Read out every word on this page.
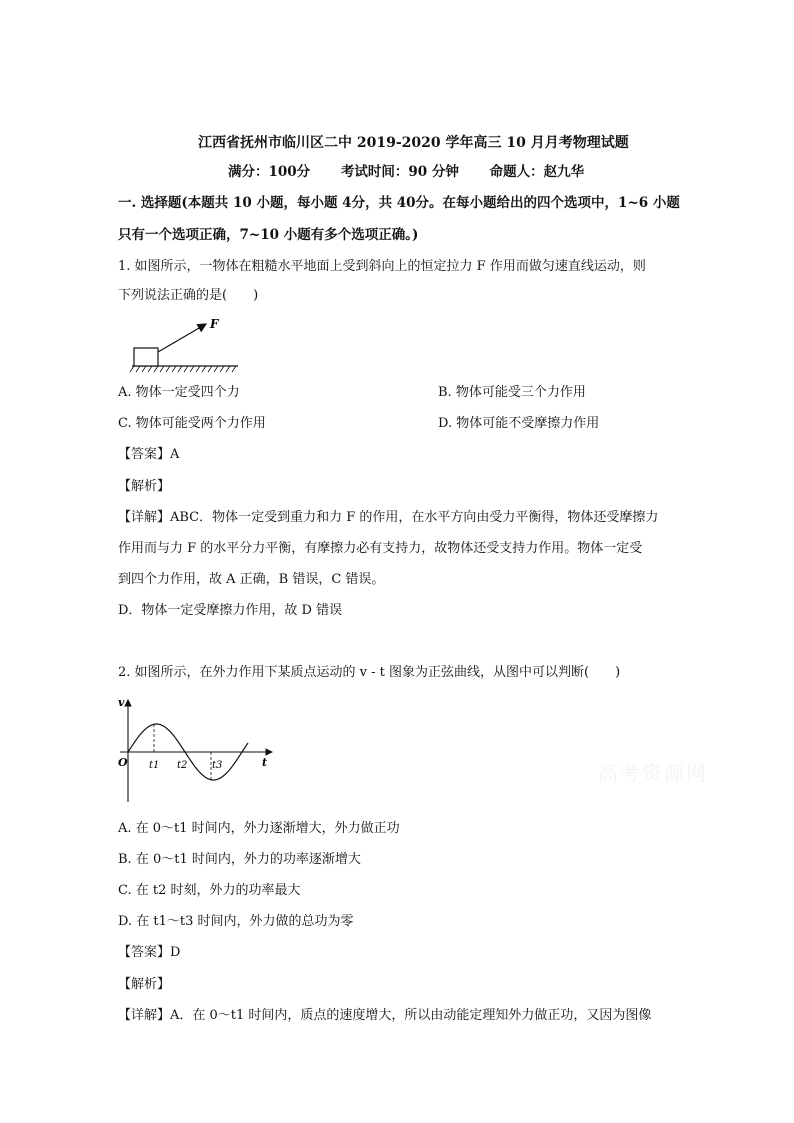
江西省抚州市临川区二中 2019-2020 学年高三 10 月月考物理试题
满分：100分 考试时间：90 分钟 命题人：赵九华
一. 选择题(本题共 10 小题，每小题 4分，共 40分。在每小题给出的四个选项中，1~6 小题
只有一个选项正确，7~10 小题有多个选项正确。)
1. 如图所示，一物体在粗糙水平地面上受到斜向上的恒定拉力 F 作用而做匀速直线运动，则
下列说法正确的是(　　)
F
A. 物体一定受四个力	B. 物体可能受三个力作用
C. 物体可能受两个力作用	D. 物体可能不受摩擦力作用
【答案】A
【解析】
【详解】ABC．物体一定受到重力和力 F 的作用，在水平方向由受力平衡得，物体还受摩擦力
作用而与力 F 的水平分力平衡，有摩擦力必有支持力，故物体还受支持力作用。物体一定受
到四个力作用，故 A 正确，B 错误，C 错误。
D．物体一定受摩擦力作用，故 D 错误
2. 如图所示，在外力作用下某质点运动的 v - t 图象为正弦曲线，从图中可以判断(　　)
v
O t1 t2 t3	t
A. 在 0～t1 时间内，外力逐渐增大，外力做正功
B. 在 0～t1 时间内，外力的功率逐渐增大
C. 在 t2 时刻，外力的功率最大
D. 在 t1～t3 时间内，外力做的总功为零
【答案】D
【解析】
【详解】A．在 0～t1 时间内，质点的速度增大，所以由动能定理知外力做正功，又因为图像
高考资源网
